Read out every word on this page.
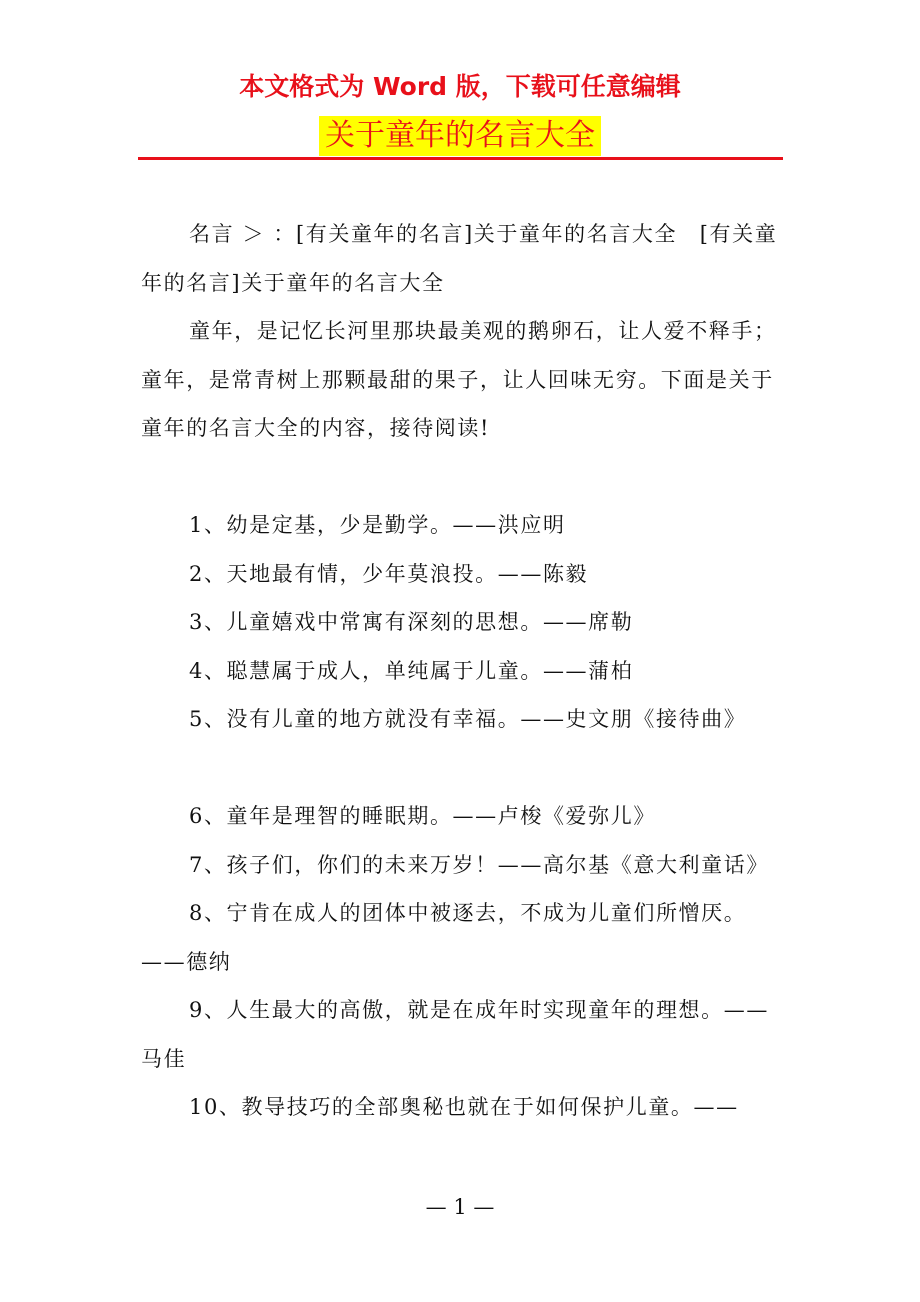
本文格式为 Word 版，下载可任意编辑
关于童年的名言大全

名言 ＞ ：[有关童年的名言]关于童年的名言大全　[有关童年的名言]关于童年的名言大全

童年，是记忆长河里那块最美观的鹅卵石，让人爱不释手；童年，是常青树上那颗最甜的果子，让人回味无穷。下面是关于童年的名言大全的内容，接待阅读!

1、幼是定基，少是勤学。——洪应明

2、天地最有情，少年莫浪投。——陈毅

3、儿童嬉戏中常寓有深刻的思想。——席勒

4、聪慧属于成人，单纯属于儿童。——蒲柏

5、没有儿童的地方就没有幸福。——史文朋《接待曲》

6、童年是理智的睡眠期。——卢梭《爱弥儿》

7、孩子们，你们的未来万岁！——高尔基《意大利童话》

8、宁肯在成人的团体中被逐去，不成为儿童们所憎厌。——德纳

9、人生最大的高傲，就是在成年时实现童年的理想。——马佳

10、教导技巧的全部奥秘也就在于如何保护儿童。——

— 1 —
